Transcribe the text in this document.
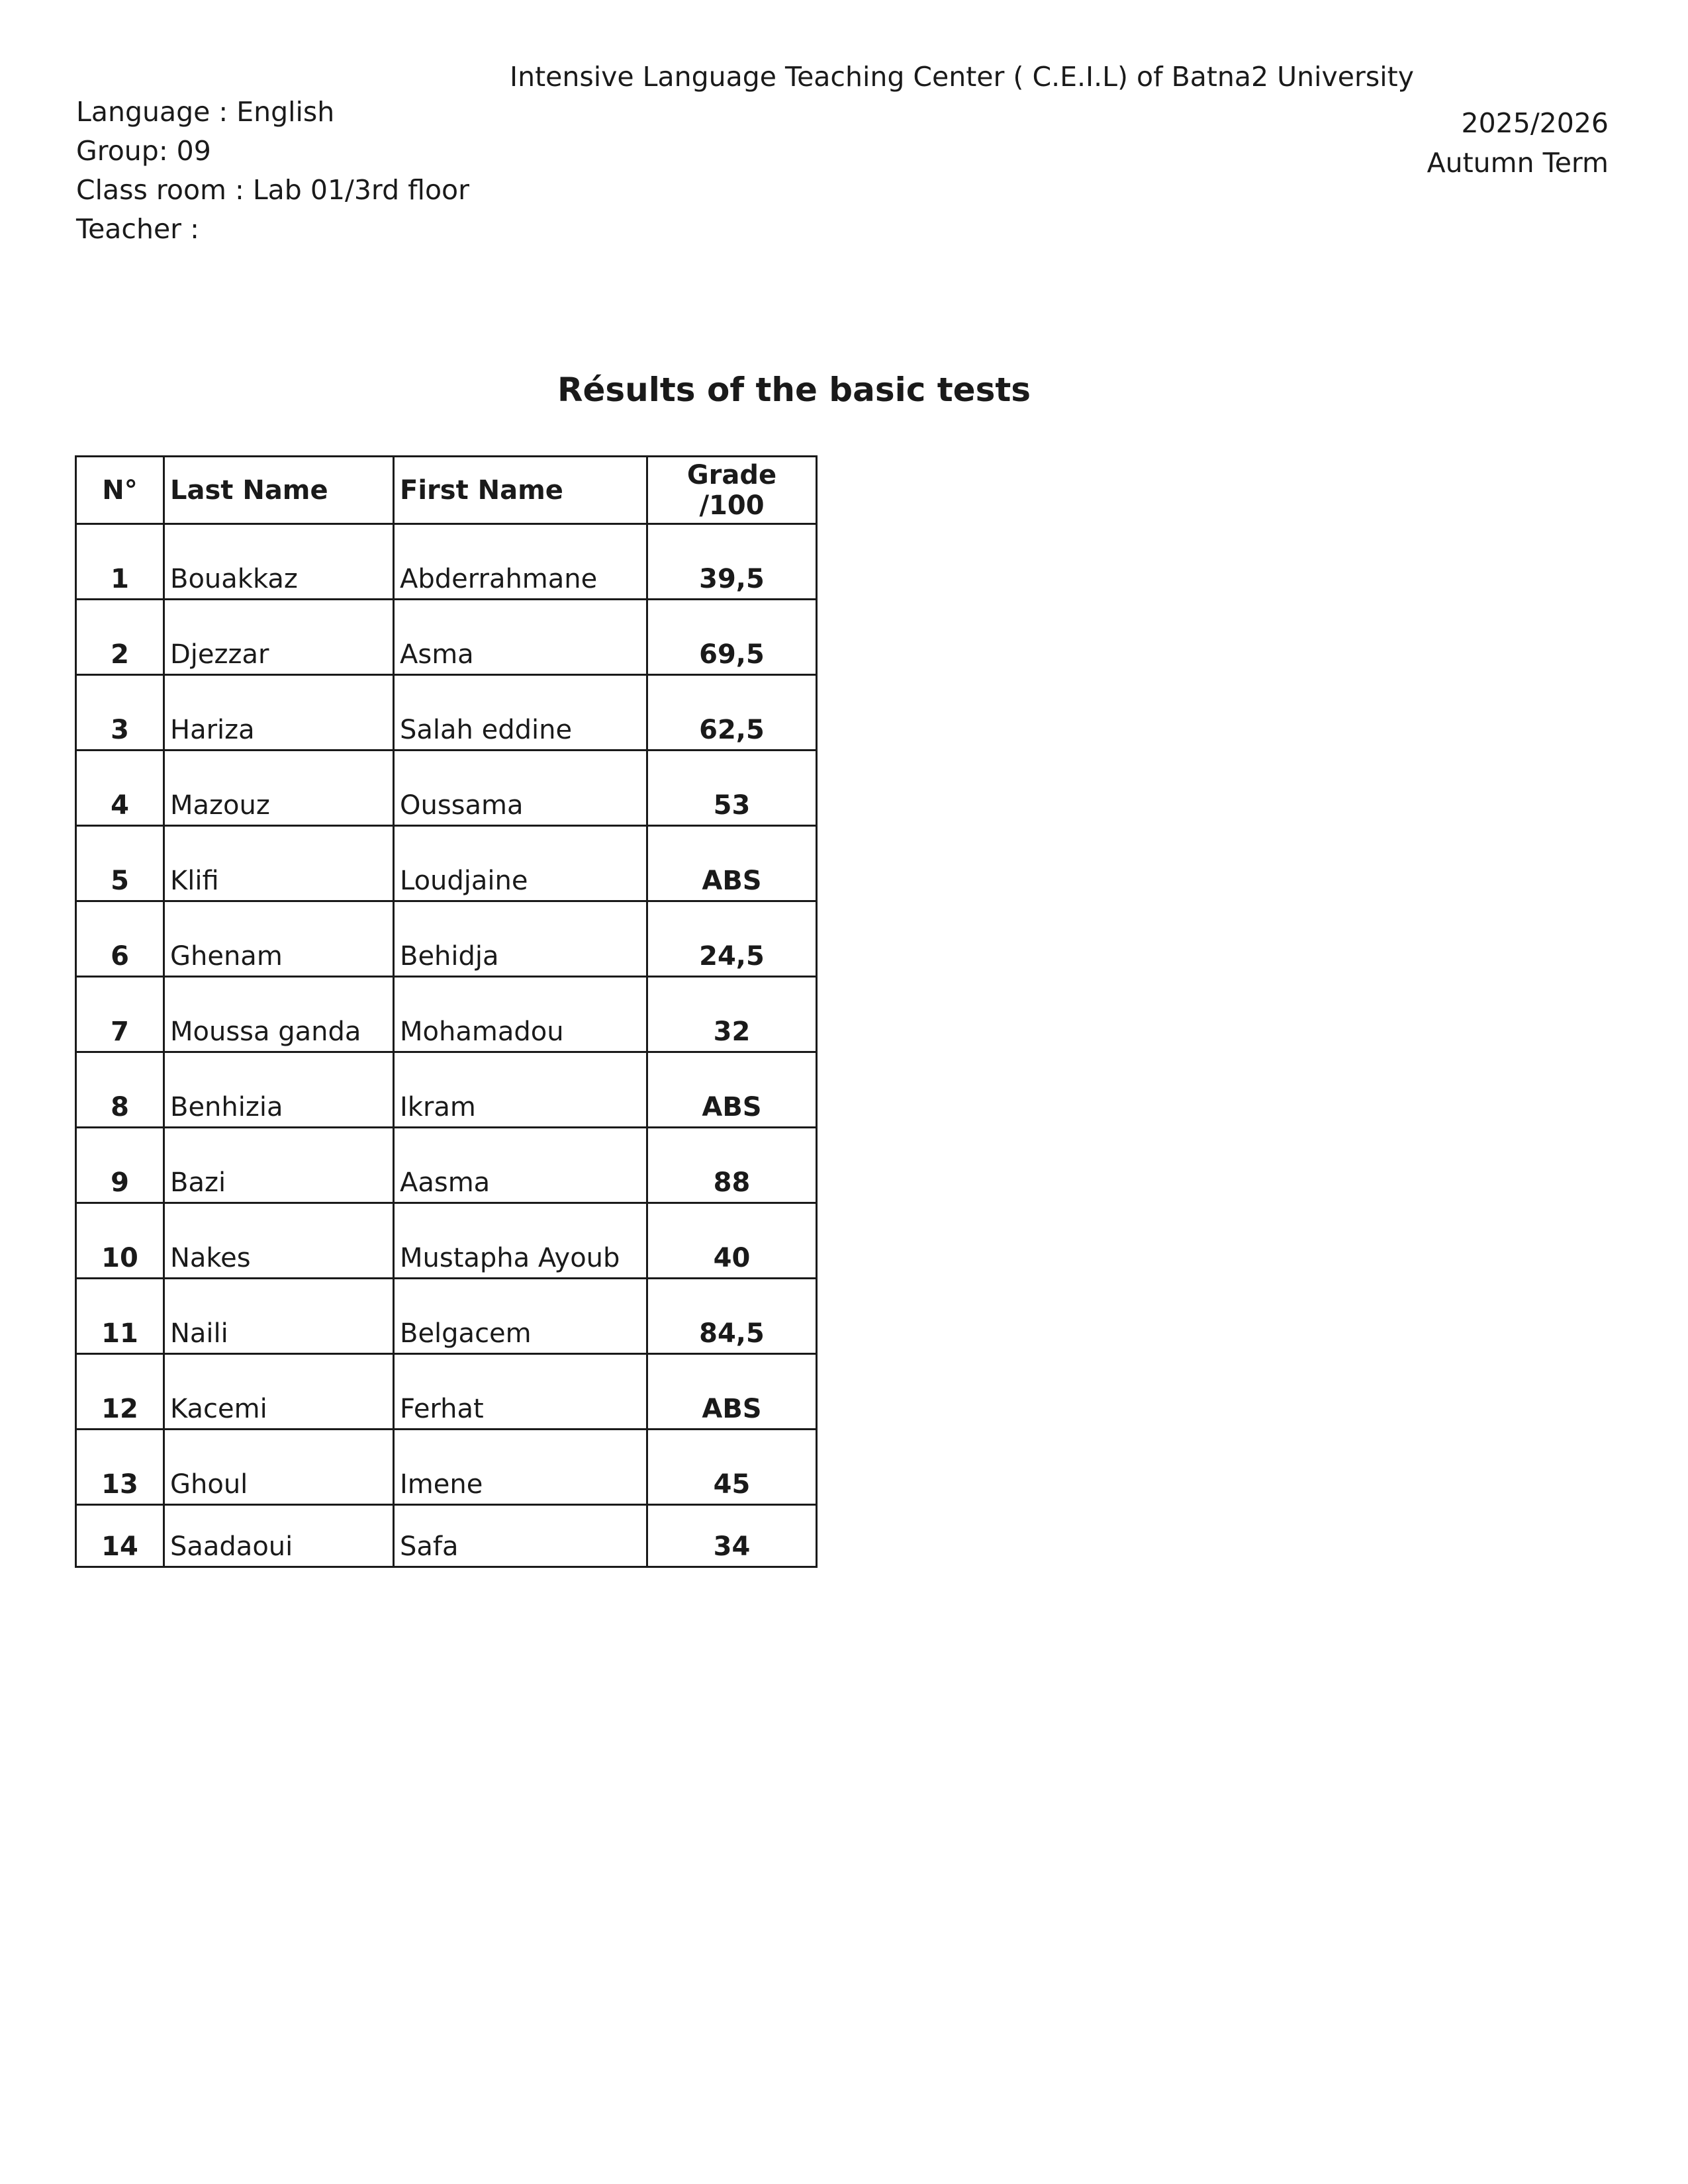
Intensive Language Teaching Center ( C.E.I.L) of Batna2 University
Language : English
Group: 09
Class room : Lab 01/3rd floor
Teacher :
2025/2026
Autumn Term
Résults of the basic tests
N°	Last Name	First Name	Grade /100
1	Bouakkaz	Abderrahmane	39,5
2	Djezzar	Asma	69,5
3	Hariza	Salah eddine	62,5
4	Mazouz	Oussama	53
5	Klifi	Loudjaine	ABS
6	Ghenam	Behidja	24,5
7	Moussa ganda	Mohamadou	32
8	Benhizia	Ikram	ABS
9	Bazi	Aasma	88
10	Nakes	Mustapha Ayoub	40
11	Naili	Belgacem	84,5
12	Kacemi	Ferhat	ABS
13	Ghoul	Imene	45
14	Saadaoui	Safa	34
